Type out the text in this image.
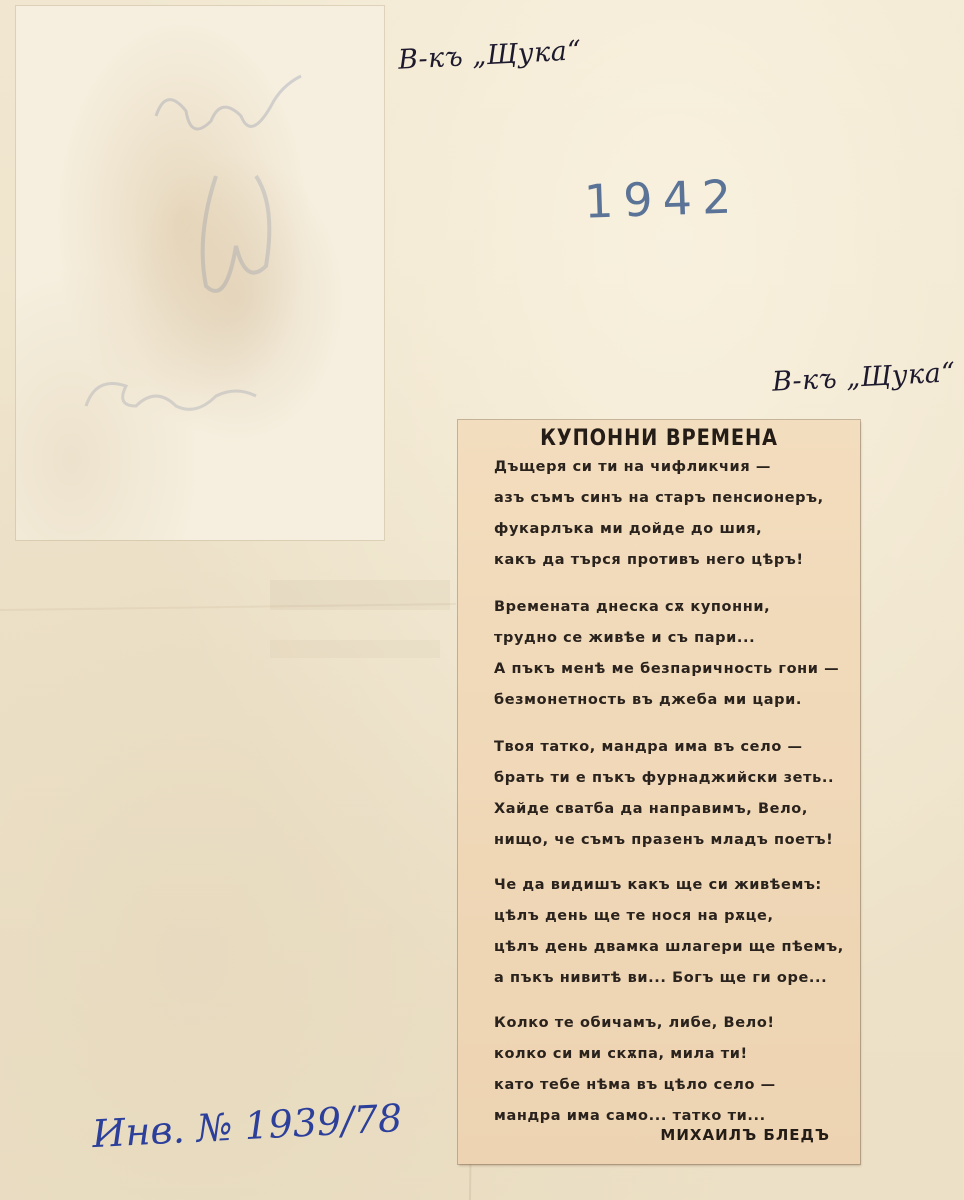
В-къ „Щука“
1942
В-къ „Щука“
КУПОННИ ВРЕМЕНА
Дъщеря си ти на чифликчия —
азъ съмъ синъ на старъ пенсионеръ,
фукарлъка ми дойде до шия,
какъ да търся противъ него цѣръ!
Времената днеска сѫ купонни,
трудно се живѣе и съ пари...
А пъкъ менѣ ме безпаричность гони —
безмонетность въ джеба ми цари.
Твоя татко, мандра има въ село —
брать ти е пъкъ фурнаджийски зеть..
Хайде сватба да направимъ, Вело,
нищо, че съмъ празенъ младъ поетъ!
Че да видишъ какъ ще си живѣемъ:
цѣлъ день ще те нося на рѫце,
цѣлъ день двамка шлагери ще пѣемъ,
а пъкъ нивитѣ ви... Богъ ще ги оре...
Колко те обичамъ, либе, Вело!
колко си ми скѫпа, мила ти!
като тебе нѣма въ цѣло село —
мандра има само... татко ти...
МИХАИЛЪ БЛЕДЪ
Инв. № 1939/78
